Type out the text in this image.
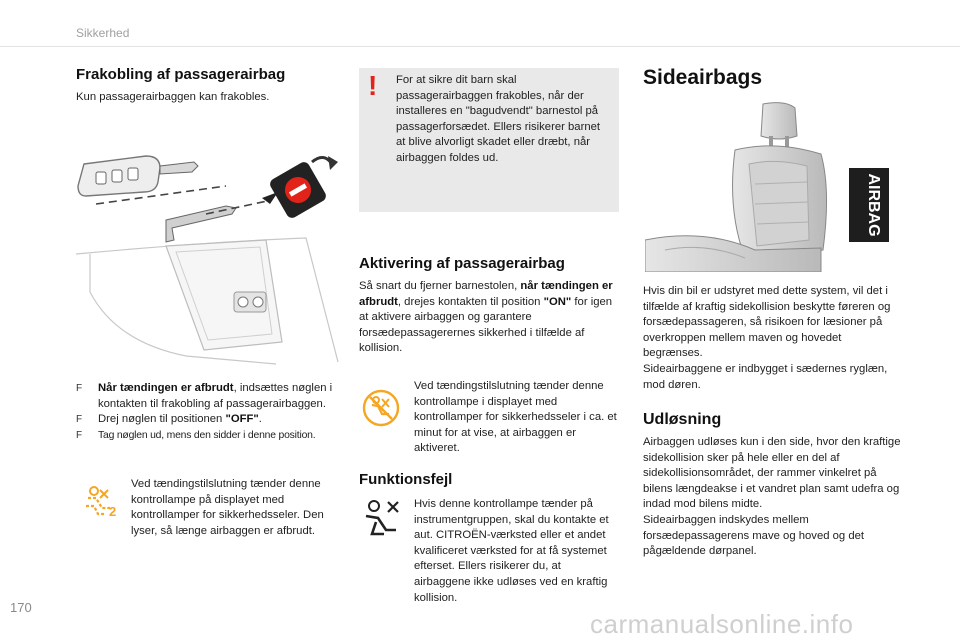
Sikkerhed
170
carmanualsonline.info
Frakobling af passagerairbag
Kun passagerairbaggen kan frakobles.
F Når tændingen er afbrudt, indsættes nøglen i kontakten til frakobling af passagerairbaggen.
F Drej nøglen til positionen "OFF".
F Tag nøglen ud, mens den sidder i denne position.
2
Ved tændingstilslutning tænder denne kontrollampe på displayet med kontrollamper for sikkerhedsseler. Den lyser, så længe airbaggen er afbrudt.
! For at sikre dit barn skal passagerairbaggen frakobles, når der installeres en "bagudvendt" barnestol på passagerforsædet. Ellers risikerer barnet at blive alvorligt skadet eller dræbt, når airbaggen foldes ud.
Aktivering af passagerairbag
Så snart du fjerner barnestolen, når tændingen er afbrudt, drejes kontakten til position "ON" for igen at aktivere airbaggen og garantere forsædepassagerernes sikkerhed i tilfælde af kollision.
Ved tændingstilslutning tænder denne kontrollampe i displayet med kontrollamper for sikkerhedsseler i ca. et minut for at vise, at airbaggen er aktiveret.
Funktionsfejl
Hvis denne kontrollampe tænder på instrumentgruppen, skal du kontakte et aut. CITROËN-værksted eller et andet kvalificeret værksted for at få systemet efterset. Ellers risikerer du, at airbaggene ikke udløses ved en kraftig kollision.
Sideairbags
AIRBAG
Hvis din bil er udstyret med dette system, vil det i tilfælde af kraftig sidekollision beskytte føreren og forsædepassageren, så risikoen for læsioner på overkroppen mellem maven og hovedet begrænses.
Sideairbaggene er indbygget i sædernes ryglæn, mod døren.
Udløsning
Airbaggen udløses kun i den side, hvor den kraftige sidekollision sker på hele eller en del af sidekollisionsområdet, der rammer vinkelret på bilens længdeakse i et vandret plan samt udefra og indad mod bilens midte.
Sideairbaggen indskydes mellem forsædepassagerens mave og hoved og det pågældende dørpanel.
